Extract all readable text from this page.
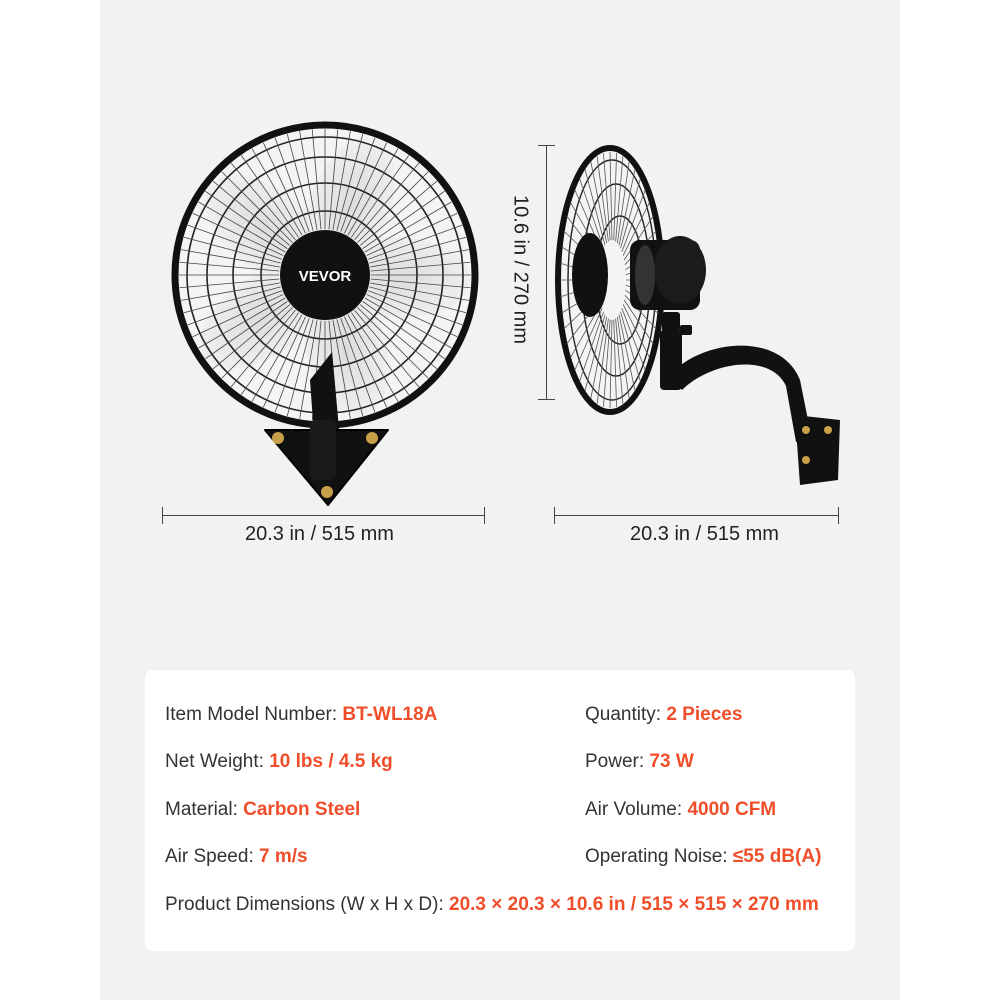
VEVOR
20.3 in / 515 mm	20.3 in / 515 mm
10.6 in / 270 mm
Item Model Number: BT-WL18A	Quantity: 2 Pieces
Net Weight: 10 lbs / 4.5 kg	Power: 73 W
Material: Carbon Steel	Air Volume: 4000 CFM
Air Speed: 7 m/s	Operating Noise: ≤55 dB(A)
Product Dimensions (W x H x D): 20.3 × 20.3 × 10.6 in / 515 × 515 × 270 mm
